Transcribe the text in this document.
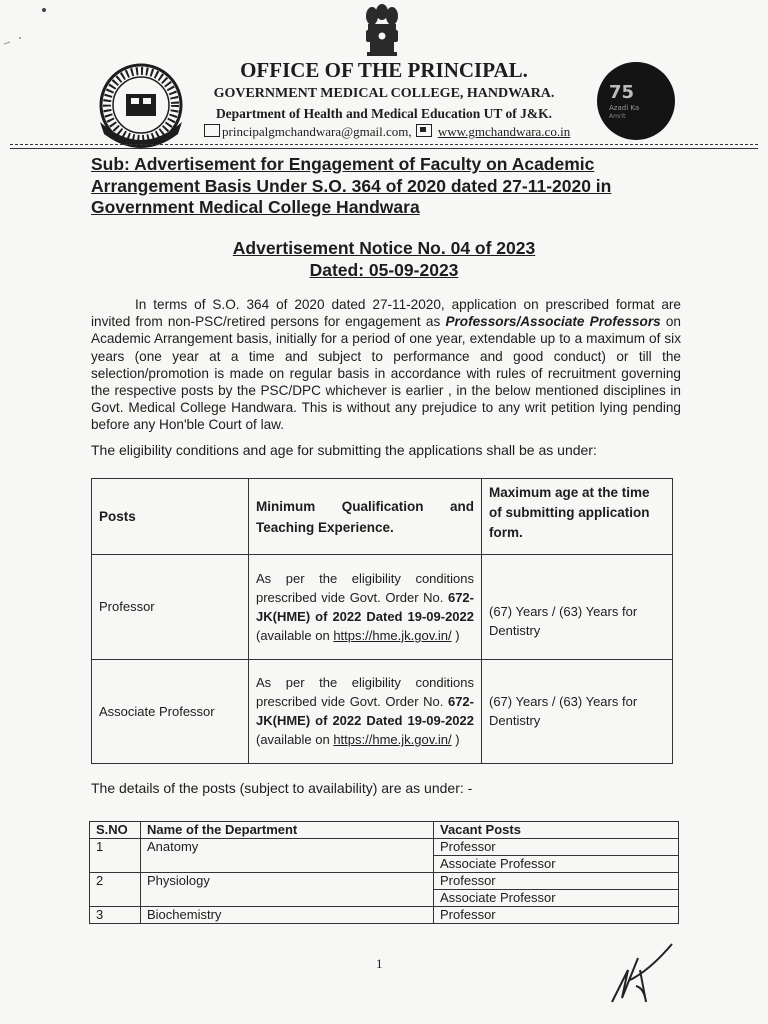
75
Azadi Ka
Amrit
OFFICE OF THE PRINCIPAL.
GOVERNMENT MEDICAL COLLEGE, HANDWARA.
Department of Health and Medical Education UT of J&K.
principalgmchandwara@gmail.com, www.gmchandwara.co.in
Sub: Advertisement for Engagement of Faculty on Academic Arrangement Basis Under S.O. 364 of 2020 dated 27-11-2020 in Government Medical College Handwara
Advertisement Notice No. 04 of 2023
Dated: 05-09-2023
In terms of S.O. 364 of 2020 dated 27-11-2020, application on prescribed format are invited from non-PSC/retired persons for engagement as Professors/Associate Professors on Academic Arrangement basis, initially for a period of one year, extendable up to a maximum of six years (one year at a time and subject to performance and good conduct) or till the selection/promotion is made on regular basis in accordance with rules of recruitment governing the respective posts by the PSC/DPC whichever is earlier , in the below mentioned disciplines in Govt. Medical College Handwara. This is without any prejudice to any writ petition lying pending before any Hon'ble Court of law.
The eligibility conditions and age for submitting the applications shall be as under:
Posts	Minimum Qualification and Teaching Experience.	Maximum age at the time of submitting application form.
Professor	As per the eligibility conditions prescribed vide Govt. Order No. 672-JK(HME) of 2022 Dated 19-09-2022 (available on https://hme.jk.gov.in/ )	(67) Years / (63) Years for Dentistry
Associate Professor	As per the eligibility conditions prescribed vide Govt. Order No. 672-JK(HME) of 2022 Dated 19-09-2022 (available on https://hme.jk.gov.in/ )	(67) Years / (63) Years for Dentistry
The details of the posts (subject to availability) are as under: -
S.NO	Name of the Department	Vacant Posts
1	Anatomy	Professor
		Associate Professor
2	Physiology	Professor
		Associate Professor
3	Biochemistry	Professor
1
